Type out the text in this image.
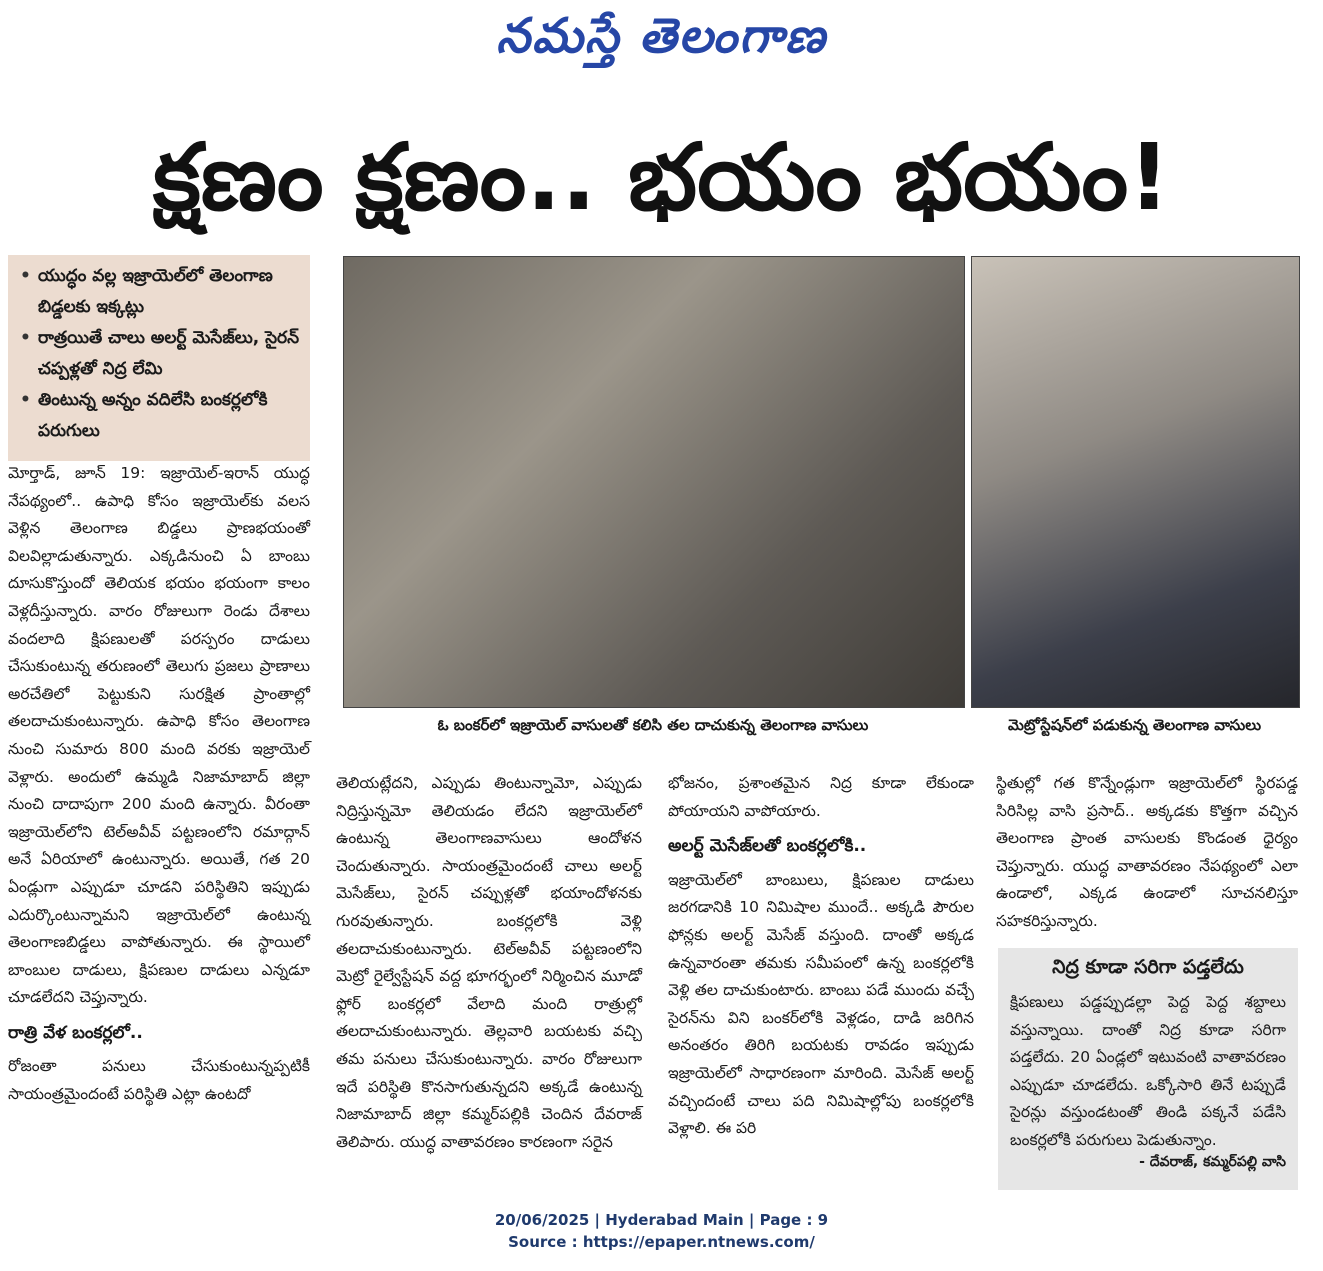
నమస్తే తెలంగాణ
క్షణం క్షణం.. భయం భయం!
• యుద్ధం వల్ల ఇజ్రాయెల్‌లో తెలంగాణ బిడ్డలకు ఇక్కట్లు
• రాత్రయితే చాలు అలర్ట్ మెసేజ్‌లు, సైరన్ చప్పళ్లతో నిద్ర లేమి
• తింటున్న అన్నం వదిలేసి బంకర్లలోకి పరుగులు
ఓ బంకర్‌లో ఇజ్రాయెల్ వాసులతో కలిసి తల దాచుకున్న తెలంగాణ వాసులు	మెట్రోస్టేషన్‌లో పడుకున్న తెలంగాణ వాసులు

మోర్తాడ్, జూన్ 19: ఇజ్రాయెల్-ఇరాన్ యుద్ధ నేపథ్యంలో.. ఉపాధి కోసం ఇజ్రాయెల్‌కు వలస వెళ్లిన తెలంగాణ బిడ్డలు ప్రాణభయంతో విలవిల్లాడుతున్నారు. ఎక్కడినుంచి ఏ బాంబు దూసుకొస్తుందో తెలియక భయం భయంగా కాలం వెళ్లదీస్తున్నారు. వారం రోజులుగా రెండు దేశాలు వందలాది క్షిపణులతో పరస్పరం దాడులు చేసుకుంటున్న తరుణంలో తెలుగు ప్రజలు ప్రాణాలు అరచేతిలో పెట్టుకుని సురక్షిత ప్రాంతాల్లో తలదాచుకుంటున్నారు. ఉపాధి కోసం తెలంగాణ నుంచి సుమారు 800 మంది వరకు ఇజ్రాయెల్ వెళ్లారు. అందులో ఉమ్మడి నిజామాబాద్ జిల్లా నుంచి దాదాపుగా 200 మంది ఉన్నారు. వీరంతా ఇజ్రాయెల్‌లోని టెల్‌అవీవ్ పట్టణంలోని రమాద్గాన్ అనే ఏరియాలో ఉంటున్నారు. అయితే, గత 20 ఏండ్లుగా ఎప్పుడూ చూడని పరిస్థితిని ఇప్పుడు ఎదుర్కొంటున్నామని ఇజ్రాయెల్‌లో ఉంటున్న తెలంగాణబిడ్డలు వాపోతున్నారు. ఈ స్థాయిలో బాంబుల దాడులు, క్షిపణుల దాడులు ఎన్నడూ చూడలేదని చెప్తున్నారు.

రాత్రి వేళ బంకర్లలో..

రోజంతా పనులు చేసుకుంటున్నప్పటికీ సాయంత్రమైందంటే పరిస్థితి ఎట్లా ఉంటదో

తెలియట్లేదని, ఎప్పుడు తింటున్నామో, ఎప్పుడు నిద్రిస్తున్నమో తెలియడం లేదని ఇజ్రాయెల్‌లో ఉంటున్న తెలంగాణవాసులు ఆందోళన చెందుతున్నారు. సాయంత్రమైందంటే చాలు అలర్ట్ మెసేజ్‌లు, సైరన్ చప్పుళ్లతో భయాందోళనకు గురవుతున్నారు. బంకర్లలోకి వెళ్లి తలదాచుకుంటున్నారు. టెల్‌అవీవ్ పట్టణంలోని మెట్రో రైల్వేస్టేషన్ వద్ద భూగర్భంలో నిర్మించిన మూడో ఫ్లోర్ బంకర్లలో వేలాది మంది రాత్రుల్లో తలదాచుకుంటున్నారు. తెల్లవారి బయటకు వచ్చి తమ పనులు చేసుకుంటున్నారు. వారం రోజులుగా ఇదే పరిస్థితి కొనసాగుతున్నదని అక్కడే ఉంటున్న నిజామాబాద్ జిల్లా కమ్మర్‌పల్లికి చెందిన దేవరాజ్ తెలిపారు. యుద్ధ వాతావరణం కారణంగా సరైన

భోజనం, ప్రశాంతమైన నిద్ర కూడా లేకుండా పోయాయని వాపోయారు.

అలర్ట్ మెసేజ్‌లతో బంకర్లలోకి..

ఇజ్రాయెల్‌లో బాంబులు, క్షిపణుల దాడులు జరగడానికి 10 నిమిషాల ముందే.. అక్కడి పౌరుల ఫోన్లకు అలర్ట్ మెసేజ్ వస్తుంది. దాంతో అక్కడ ఉన్నవారంతా తమకు సమీపంలో ఉన్న బంకర్లలోకి వెళ్లి తల దాచుకుంటారు. బాంబు పడే ముందు వచ్చే సైరన్‌ను విని బంకర్‌లోకి వెళ్లడం, దాడి జరిగిన అనంతరం తిరిగి బయటకు రావడం ఇప్పుడు ఇజ్రాయెల్‌లో సాధారణంగా మారింది. మెసేజ్ అలర్ట్ వచ్చిందంటే చాలు పది నిమిషాల్లోపు బంకర్లలోకి వెళ్లాలి. ఈ పరి

స్థితుల్లో గత కొన్నేండ్లుగా ఇజ్రాయెల్‌లో స్థిరపడ్డ సిరిసిల్ల వాసి ప్రసాద్.. అక్కడకు కొత్తగా వచ్చిన తెలంగాణ ప్రాంత వాసులకు కొండంత ధైర్యం చెప్తున్నారు. యుద్ధ వాతావరణం నేపథ్యంలో ఎలా ఉండాలో, ఎక్కడ ఉండాలో సూచనలిస్తూ సహకరిస్తున్నారు.

నిద్ర కూడా సరిగా పడ్తలేదు
క్షిపణులు పడ్డప్పుడల్లా పెద్ద పెద్ద శబ్దాలు వస్తున్నాయి. దాంతో నిద్ర కూడా సరిగా పడ్తలేదు. 20 ఏండ్లలో ఇటువంటి వాతావరణం ఎప్పుడూ చూడలేదు. ఒక్కోసారి తినే టప్పుడే సైరన్లు వస్తుండటంతో తిండి పక్కనే పడేసి బంకర్లలోకి పరుగులు పెడుతున్నాం.
- దేవరాజ్, కమ్మర్‌పల్లి వాసి
20/06/2025 | Hyderabad Main | Page : 9
Source : https://epaper.ntnews.com/
